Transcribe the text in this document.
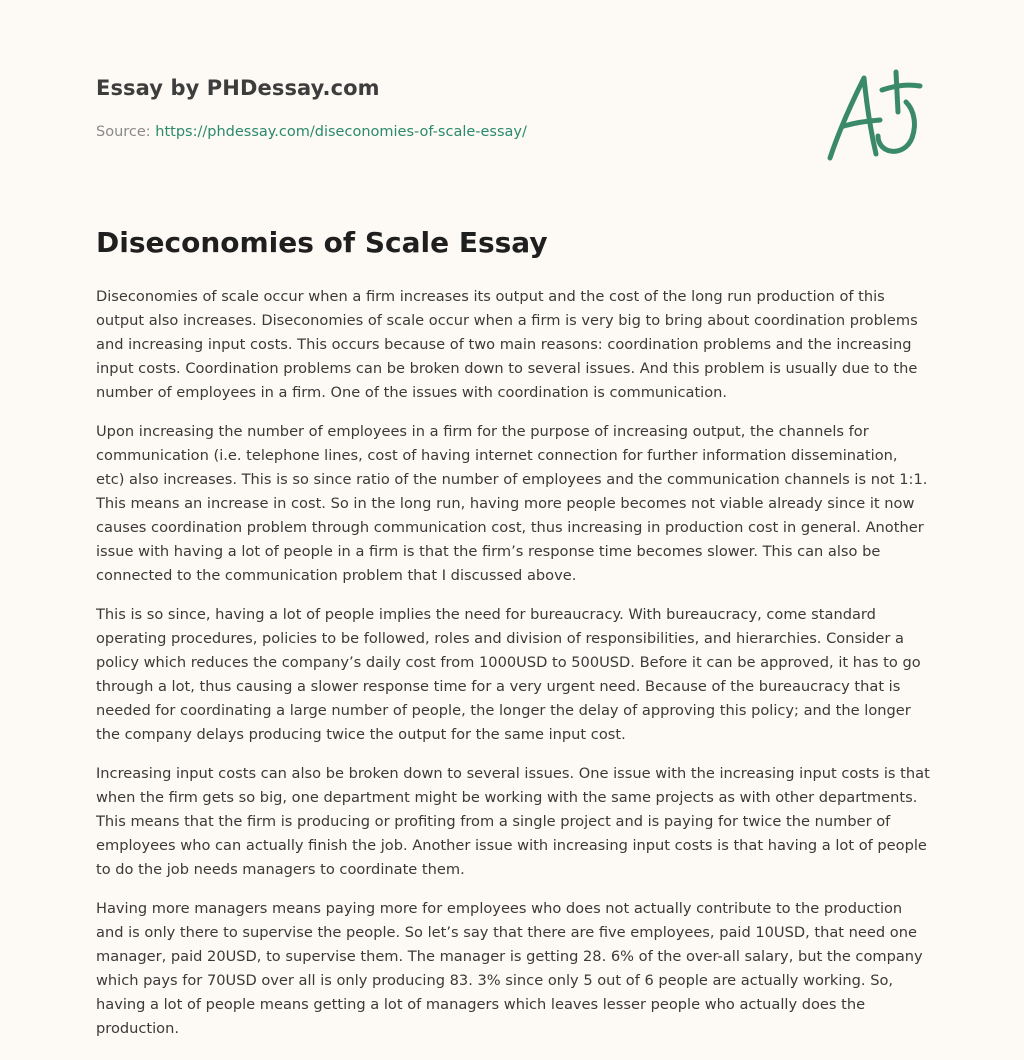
Essay by PHDessay.com
Source: https://phdessay.com/diseconomies-of-scale-essay/
Diseconomies of Scale Essay

Diseconomies of scale occur when a firm increases its output and the cost of the long run production of this output also increases. Diseconomies of scale occur when a firm is very big to bring about coordination problems and increasing input costs. This occurs because of two main reasons: coordination problems and the increasing input costs. Coordination problems can be broken down to several issues. And this problem is usually due to the number of employees in a firm. One of the issues with coordination is communication.

Upon increasing the number of employees in a firm for the purpose of increasing output, the channels for communication (i.e. telephone lines, cost of having internet connection for further information dissemination, etc) also increases. This is so since ratio of the number of employees and the communication channels is not 1:1. This means an increase in cost. So in the long run, having more people becomes not viable already since it now causes coordination problem through communication cost, thus increasing in production cost in general. Another issue with having a lot of people in a firm is that the firm’s response time becomes slower. This can also be connected to the communication problem that I discussed above.

This is so since, having a lot of people implies the need for bureaucracy. With bureaucracy, come standard operating procedures, policies to be followed, roles and division of responsibilities, and hierarchies. Consider a policy which reduces the company’s daily cost from 1000USD to 500USD. Before it can be approved, it has to go through a lot, thus causing a slower response time for a very urgent need. Because of the bureaucracy that is needed for coordinating a large number of people, the longer the delay of approving this policy; and the longer the company delays producing twice the output for the same input cost.

Increasing input costs can also be broken down to several issues. One issue with the increasing input costs is that when the firm gets so big, one department might be working with the same projects as with other departments. This means that the firm is producing or profiting from a single project and is paying for twice the number of employees who can actually finish the job. Another issue with increasing input costs is that having a lot of people to do the job needs managers to coordinate them.

Having more managers means paying more for employees who does not actually contribute to the production and is only there to supervise the people. So let’s say that there are five employees, paid 10USD, that need one manager, paid 20USD, to supervise them. The manager is getting 28. 6% of the over-all salary, but the company which pays for 70USD over all is only producing 83. 3% since only 5 out of 6 people are actually working. So, having a lot of people means getting a lot of managers which leaves lesser people who actually does the production.
